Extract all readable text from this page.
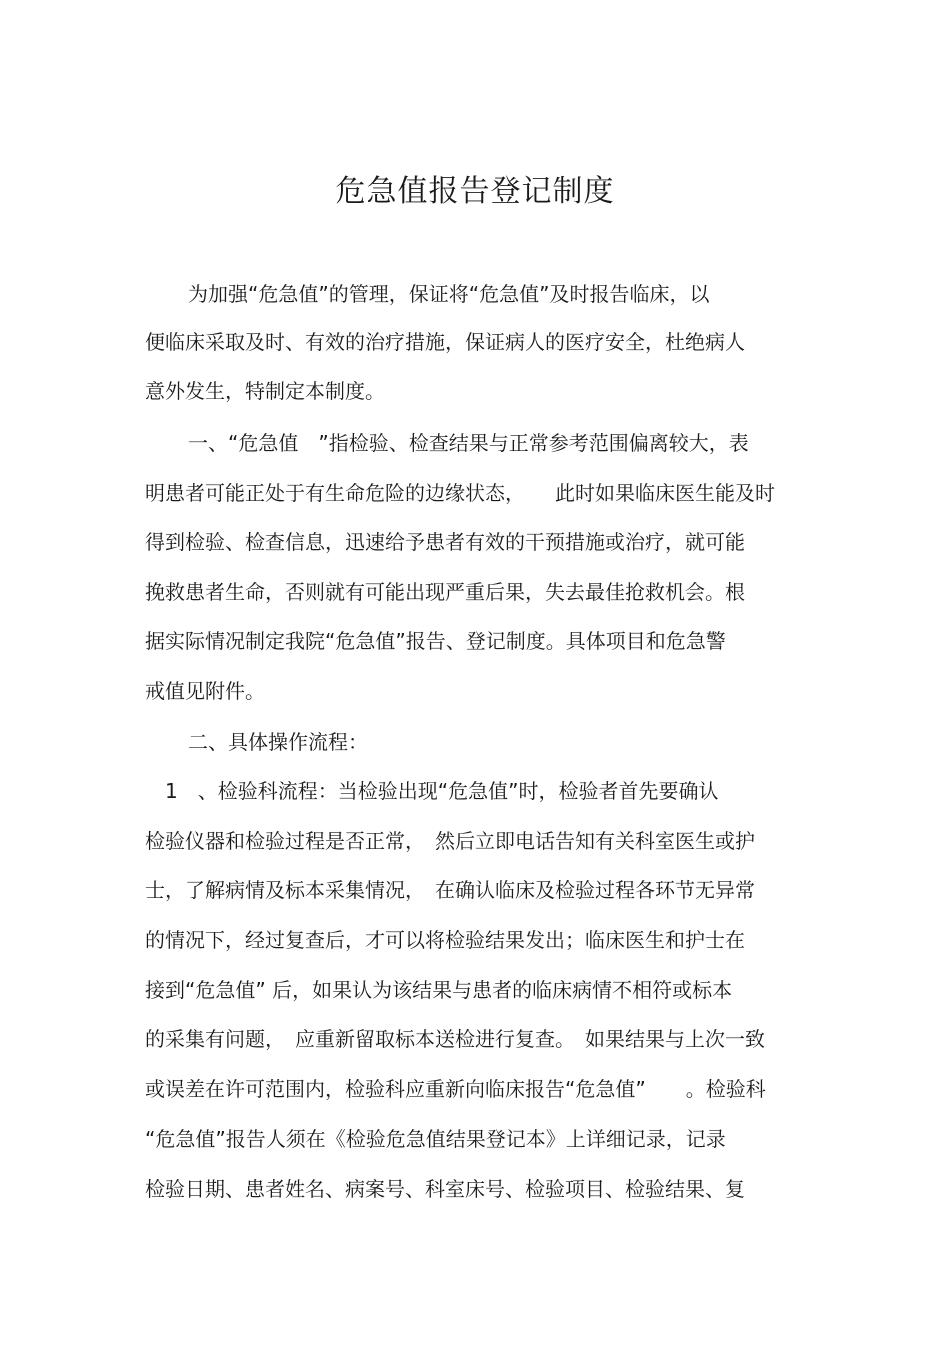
危急值报告登记制度

为加强“危急值”的管理，保证将“危急值”及时报告临床，以

便临床采取及时、有效的治疗措施，保证病人的医疗安全，杜绝病人

意外发生，特制定本制度。

一、“危急值　”指检验、检查结果与正常参考范围偏离较大，表

明患者可能正处于有生命危险的边缘状态，　　此时如果临床医生能及时

得到检验、检查信息，迅速给予患者有效的干预措施或治疗，就可能

挽救患者生命，否则就有可能出现严重后果，失去最佳抢救机会。根

据实际情况制定我院“危急值”报告、登记制度。具体项目和危急警

戒值见附件。

二、具体操作流程：

1　、检验科流程：当检验出现“危急值”时，检验者首先要确认

检验仪器和检验过程是否正常，　然后立即电话告知有关科室医生或护

士，了解病情及标本采集情况，　在确认临床及检验过程各环节无异常

的情况下，经过复查后，才可以将检验结果发出；临床医生和护士在

接到“危急值” 后，如果认为该结果与患者的临床病情不相符或标本

的采集有问题，　应重新留取标本送检进行复查。　如果结果与上次一致

或误差在许可范围内，检验科应重新向临床报告“危急值”　　。检验科

“危急值”报告人须在《检验危急值结果登记本》上详细记录，记录

检验日期、患者姓名、病案号、科室床号、检验项目、检验结果、复
